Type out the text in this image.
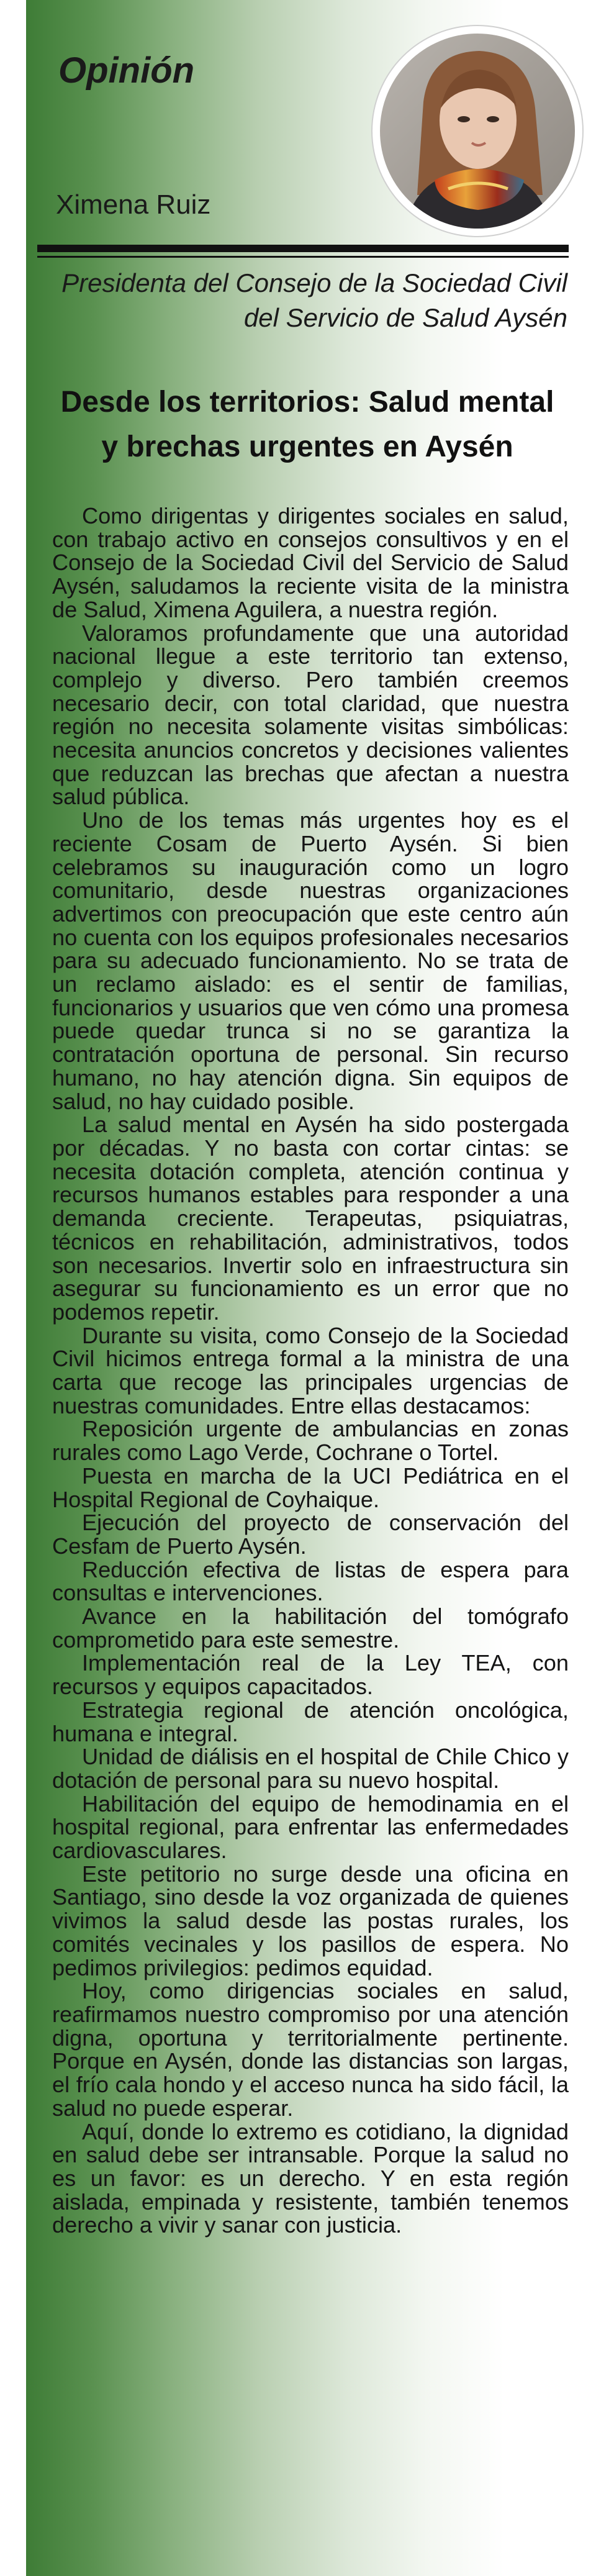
Opinión
Ximena Ruiz
Presidenta del Consejo de la Sociedad Civil
del Servicio de Salud Aysén
Desde los territorios: Salud mental
y brechas urgentes en Aysén

Como dirigentas y dirigentes sociales en salud, con trabajo activo en consejos consultivos y en el Consejo de la Sociedad Civil del Servicio de Salud Aysén, saludamos la reciente visita de la ministra de Salud, Ximena Aguilera, a nuestra región.

Valoramos profundamente que una autoridad nacional llegue a este territorio tan extenso, complejo y diverso. Pero también creemos necesario decir, con total claridad, que nuestra región no necesita solamente visitas simbólicas: necesita anuncios concretos y decisiones valientes que reduzcan las brechas que afectan a nuestra salud pública.

Uno de los temas más urgentes hoy es el reciente Cosam de Puerto Aysén. Si bien celebramos su inauguración como un logro comunitario, desde nuestras organizaciones advertimos con preocupación que este centro aún no cuenta con los equipos profesionales necesarios para su adecuado funcionamiento. No se trata de un reclamo aislado: es el sentir de familias, funcionarios y usuarios que ven cómo una promesa puede quedar trunca si no se garantiza la contratación oportuna de personal. Sin recurso humano, no hay atención digna. Sin equipos de salud, no hay cuidado posible.

La salud mental en Aysén ha sido postergada por décadas. Y no basta con cortar cintas: se necesita dotación completa, atención continua y recursos humanos estables para responder a una demanda creciente. Terapeutas, psiquiatras, técnicos en rehabilitación, administrativos, todos son necesarios. Invertir solo en infraestructura sin asegurar su funcionamiento es un error que no podemos repetir.

Durante su visita, como Consejo de la Sociedad Civil hicimos entrega formal a la ministra de una carta que recoge las principales urgencias de nuestras comunidades. Entre ellas destacamos:

Reposición urgente de ambulancias en zonas rurales como Lago Verde, Cochrane o Tortel.

Puesta en marcha de la UCI Pediátrica en el Hospital Regional de Coyhaique.

Ejecución del proyecto de conservación del Cesfam de Puerto Aysén.

Reducción efectiva de listas de espera para consultas e intervenciones.

Avance en la habilitación del tomógrafo comprometido para este semestre.

Implementación real de la Ley TEA, con recursos y equipos capacitados.

Estrategia regional de atención oncológica, humana e integral.

Unidad de diálisis en el hospital de Chile Chico y dotación de personal para su nuevo hospital.

Habilitación del equipo de hemodinamia en el hospital regional, para enfrentar las enfermedades cardiovasculares.

Este petitorio no surge desde una oficina en Santiago, sino desde la voz organizada de quienes vivimos la salud desde las postas rurales, los comités vecinales y los pasillos de espera. No pedimos privilegios: pedimos equidad.

Hoy, como dirigencias sociales en salud, reafirmamos nuestro compromiso por una atención digna, oportuna y territorialmente pertinente. Porque en Aysén, donde las distancias son largas, el frío cala hondo y el acceso nunca ha sido fácil, la salud no puede esperar.

Aquí, donde lo extremo es cotidiano, la dignidad en salud debe ser intransable. Porque la salud no es un favor: es un derecho. Y en esta región aislada, empinada y resistente, también tenemos derecho a vivir y sanar con justicia.
